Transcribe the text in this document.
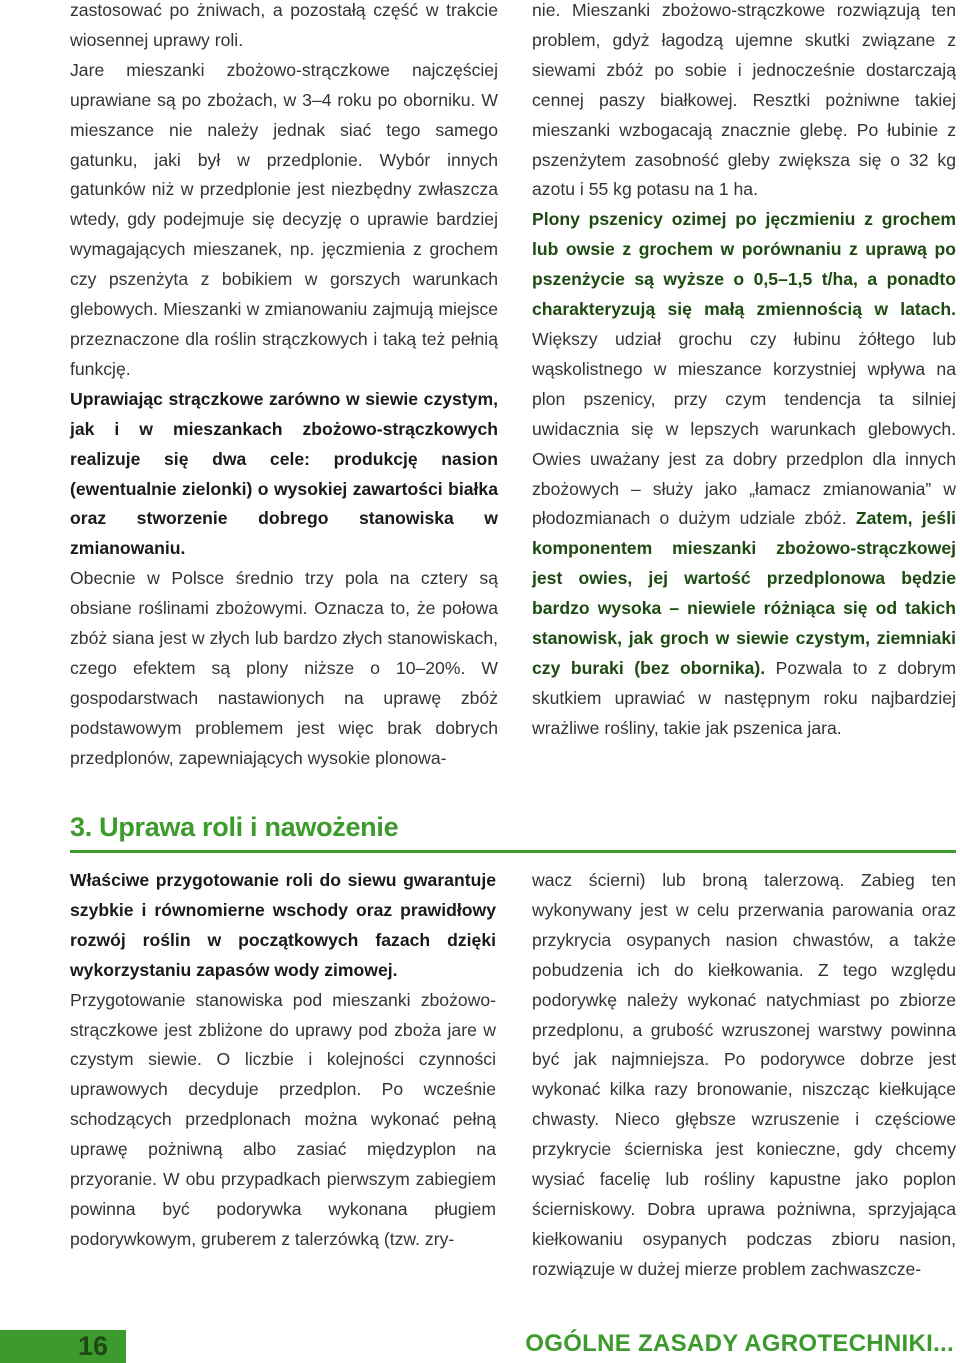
zastosować po żniwach, a pozostałą część w trakcie wiosennej uprawy roli.

Jare mieszanki zbożowo-strączkowe najczęściej uprawiane są po zbożach, w 3–4 roku po oborniku. W mieszance nie należy jednak siać tego samego gatunku, jaki był w przedplonie. Wybór innych gatunków niż w przedplonie jest niezbędny zwłaszcza wtedy, gdy podejmuje się decyzję o uprawie bardziej wymagających mieszanek, np. jęczmienia z grochem czy pszenżyta z bobikiem w gorszych warunkach glebowych. Mieszanki w zmianowaniu zajmują miejsce przeznaczone dla roślin strączkowych i taką też pełnią funkcję.

Uprawiając strączkowe zarówno w siewie czystym, jak i w mieszankach zbożowo-strączkowych realizuje się dwa cele: produkcję nasion (ewentualnie zielonki) o wysokiej zawartości białka oraz stworzenie dobrego stanowiska w zmianowaniu.

Obecnie w Polsce średnio trzy pola na cztery są obsiane roślinami zbożowymi. Oznacza to, że połowa zbóż siana jest w złych lub bardzo złych stanowiskach, czego efektem są plony niższe o 10–20%. W gospodarstwach nastawionych na uprawę zbóż podstawowym problemem jest więc brak dobrych przedplonów, zapewniających wysokie plonowa-

nie. Mieszanki zbożowo-strączkowe rozwiązują ten problem, gdyż łagodzą ujemne skutki związane z siewami zbóż po sobie i jednocześnie dostarczają cennej paszy białkowej. Resztki pożniwne takiej mieszanki wzbogacają znacznie glebę. Po łubinie z pszenżytem zasobność gleby zwiększa się o 32 kg azotu i 55 kg potasu na 1 ha.

Plony pszenicy ozimej po jęczmieniu z grochem lub owsie z grochem w porównaniu z uprawą po pszenżycie są wyższe o 0,5–1,5 t/ha, a ponadto charakteryzują się małą zmiennością w latach. Większy udział grochu czy łubinu żółtego lub wąskolistnego w mieszance korzystniej wpływa na plon pszenicy, przy czym tendencja ta silniej uwidacznia się w lepszych warunkach glebowych. Owies uważany jest za dobry przedplon dla innych zbożowych – służy jako „łamacz zmianowania” w płodozmianach o dużym udziale zbóż. Zatem, jeśli komponentem mieszanki zbożowo-strączkowej jest owies, jej wartość przedplonowa będzie bardzo wysoka – niewiele różniąca się od takich stanowisk, jak groch w siewie czystym, ziemniaki czy buraki (bez obornika). Pozwala to z dobrym skutkiem uprawiać w następnym roku najbardziej wrażliwe rośliny, takie jak pszenica jara.

3. Uprawa roli i nawożenie

Właściwe przygotowanie roli do siewu gwarantuje szybkie i równomierne wschody oraz prawidłowy rozwój roślin w początkowych fazach dzięki wykorzystaniu zapasów wody zimowej.

Przygotowanie stanowiska pod mieszanki zbożowo-strączkowe jest zbliżone do uprawy pod zboża jare w czystym siewie. O liczbie i kolejności czynności uprawowych decyduje przedplon. Po wcześnie schodzących przedplonach można wykonać pełną uprawę pożniwną albo zasiać międzyplon na przyoranie. W obu przypadkach pierwszym zabiegiem powinna być podorywka wykonana pługiem podorywkowym, gruberem z talerzówką (tzw. zry-

wacz ścierni) lub broną talerzową. Zabieg ten wykonywany jest w celu przerwania parowania oraz przykrycia osypanych nasion chwastów, a także pobudzenia ich do kiełkowania. Z tego względu podorywkę należy wykonać natychmiast po zbiorze przedplonu, a grubość wzruszonej warstwy powinna być jak najmniejsza. Po podorywce dobrze jest wykonać kilka razy bronowanie, niszcząc kiełkujące chwasty. Nieco głębsze wzruszenie i częściowe przykrycie ścierniska jest konieczne, gdy chcemy wysiać facelię lub rośliny kapustne jako poplon ścierniskowy. Dobra uprawa pożniwna, sprzyjająca kiełkowaniu osypanych podczas zbioru nasion, rozwiązuje w dużej mierze problem zachwaszcze-

16	OGÓLNE ZASADY AGROTECHNIKI...
